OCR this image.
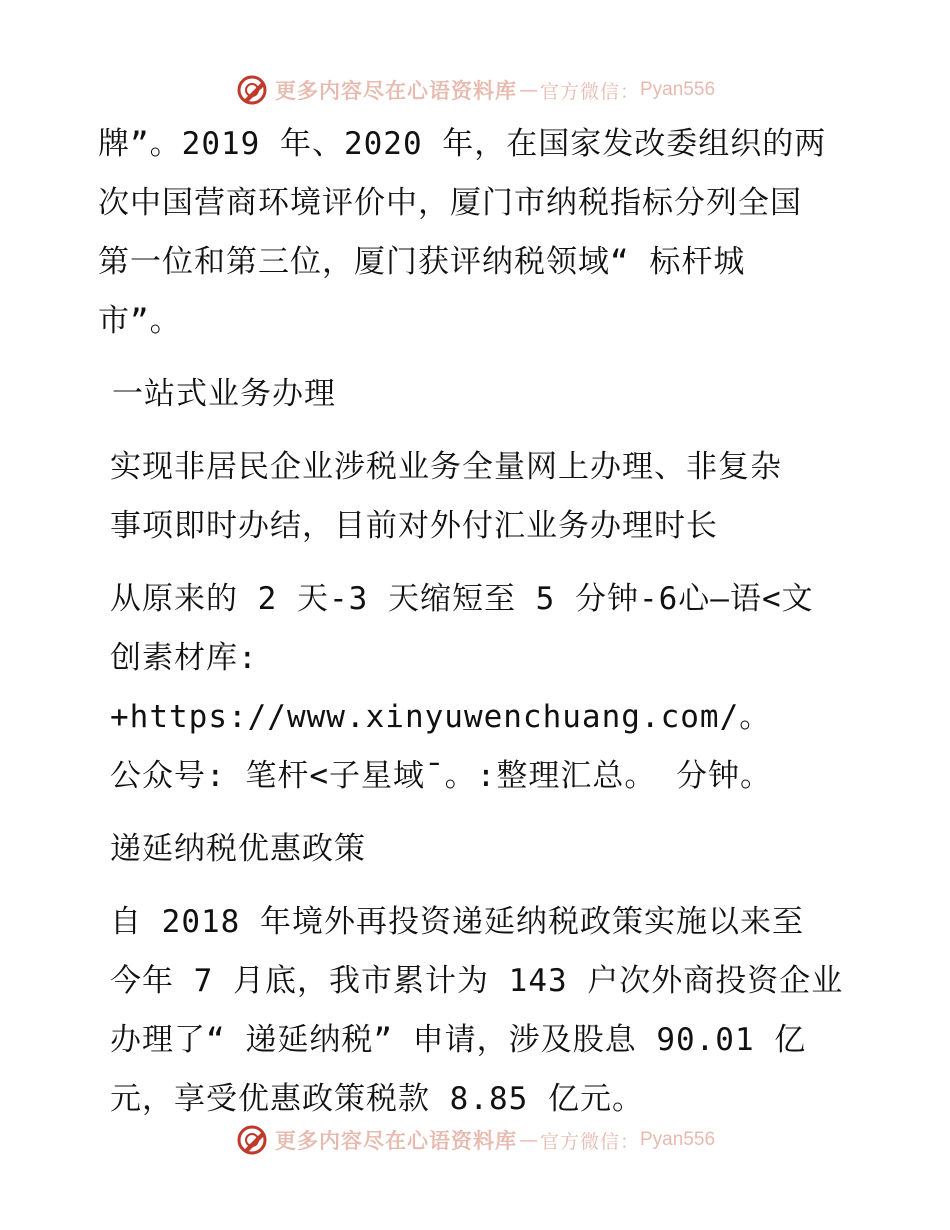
更多内容尽在心语资料库 — 官方微信： Pyan556

牌”。2019 年、2020 年，在国家发改委组织的两
次中国营商环境评价中，厦门市纳税指标分列全国
第一位和第三位，厦门获评纳税领域“ 标杆城
市”。

一站式业务办理

实现非居民企业涉税业务全量网上办理、非复杂
事项即时办结，目前对外付汇业务办理时长

从原来的 2 天-3 天缩短至 5 分钟-6心—语<文
创素材库: +https://www.xinyuwenchuang.com/。
公众号: 笔杆<子星域¯。:整理汇总。 分钟。

递延纳税优惠政策

自 2018 年境外再投资递延纳税政策实施以来至
今年 7 月底，我市累计为 143 户次外商投资企业
办理了“ 递延纳税” 申请，涉及股息 90.01 亿
元，享受优惠政策税款 8.85 亿元。

更多内容尽在心语资料库 — 官方微信： Pyan556
